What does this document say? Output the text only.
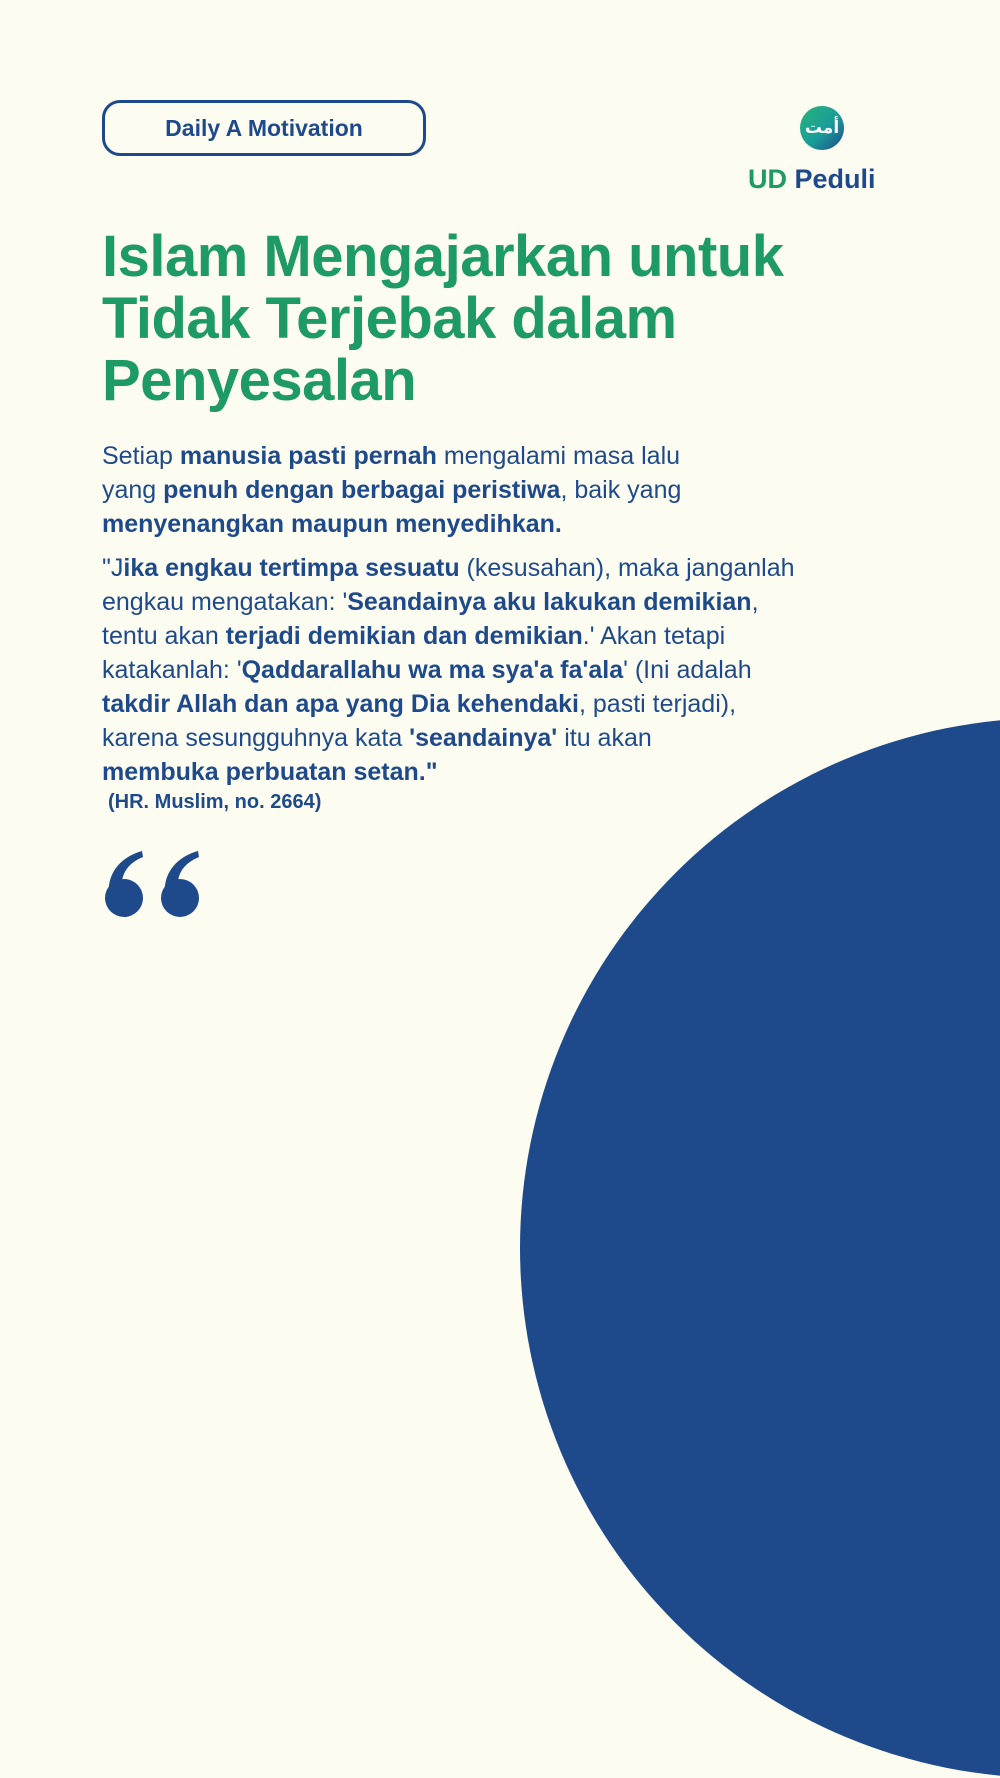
Daily A Motivation	أمت
UD Peduli
Islam Mengajarkan untuk
Tidak Terjebak dalam
Penyesalan
Setiap manusia pasti pernah mengalami masa lalu
yang penuh dengan berbagai peristiwa, baik yang
menyenangkan maupun menyedihkan.
"Jika engkau tertimpa sesuatu (kesusahan), maka janganlah
engkau mengatakan: 'Seandainya aku lakukan demikian,
tentu akan terjadi demikian dan demikian.' Akan tetapi
katakanlah: 'Qaddarallahu wa ma sya'a fa'ala' (Ini adalah
takdir Allah dan apa yang Dia kehendaki, pasti terjadi),
karena sesungguhnya kata 'seandainya' itu akan
membuka perbuatan setan."
(HR. Muslim, no. 2664)
